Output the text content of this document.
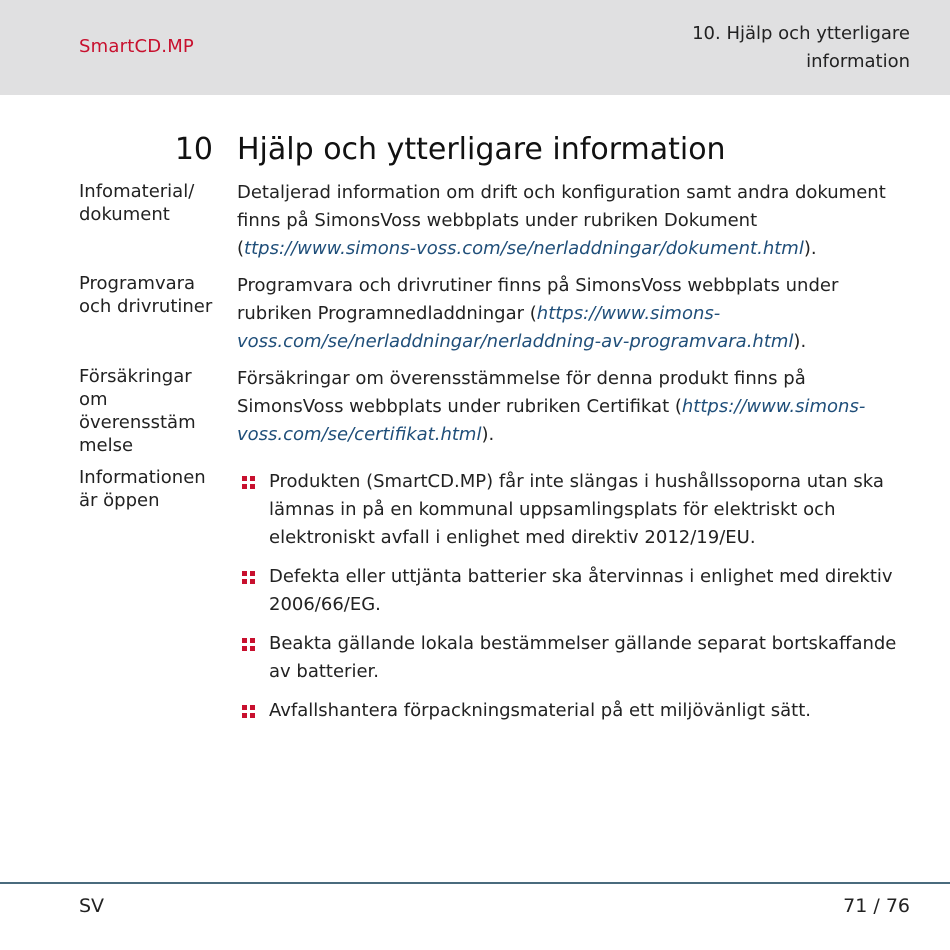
SmartCD.MP
10. Hjälp och ytterligare
information
10 Hjälp och ytterligare information
Infomaterial/
dokument
Detaljerad information om drift och konfiguration samt andra dokument finns på SimonsVoss webbplats under rubriken Dokument (ttps://www.simons-voss.com/se/nerladdningar/dokument.html).
Programvara
och drivrutiner
Programvara och drivrutiner finns på SimonsVoss webbplats under rubriken Programnedladdningar (https://www.simons-voss.com/se/nerladdningar/nerladdning-av-programvara.html).
Försäkringar
om
överensstäm
melse
Försäkringar om överensstämmelse för denna produkt finns på SimonsVoss webbplats under rubriken Certifikat (https://www.simons-voss.com/se/certifikat.html).
Informationen
är öppen
Produkten (SmartCD.MP) får inte slängas i hushållssoporna utan ska lämnas in på en kommunal uppsamlingsplats för elektriskt och elektroniskt avfall i enlighet med direktiv 2012/19/EU.
Defekta eller uttjänta batterier ska återvinnas i enlighet med direktiv 2006/66/EG.
Beakta gällande lokala bestämmelser gällande separat bortskaffande av batterier.
Avfallshantera förpackningsmaterial på ett miljövänligt sätt.
SV	71 / 76
